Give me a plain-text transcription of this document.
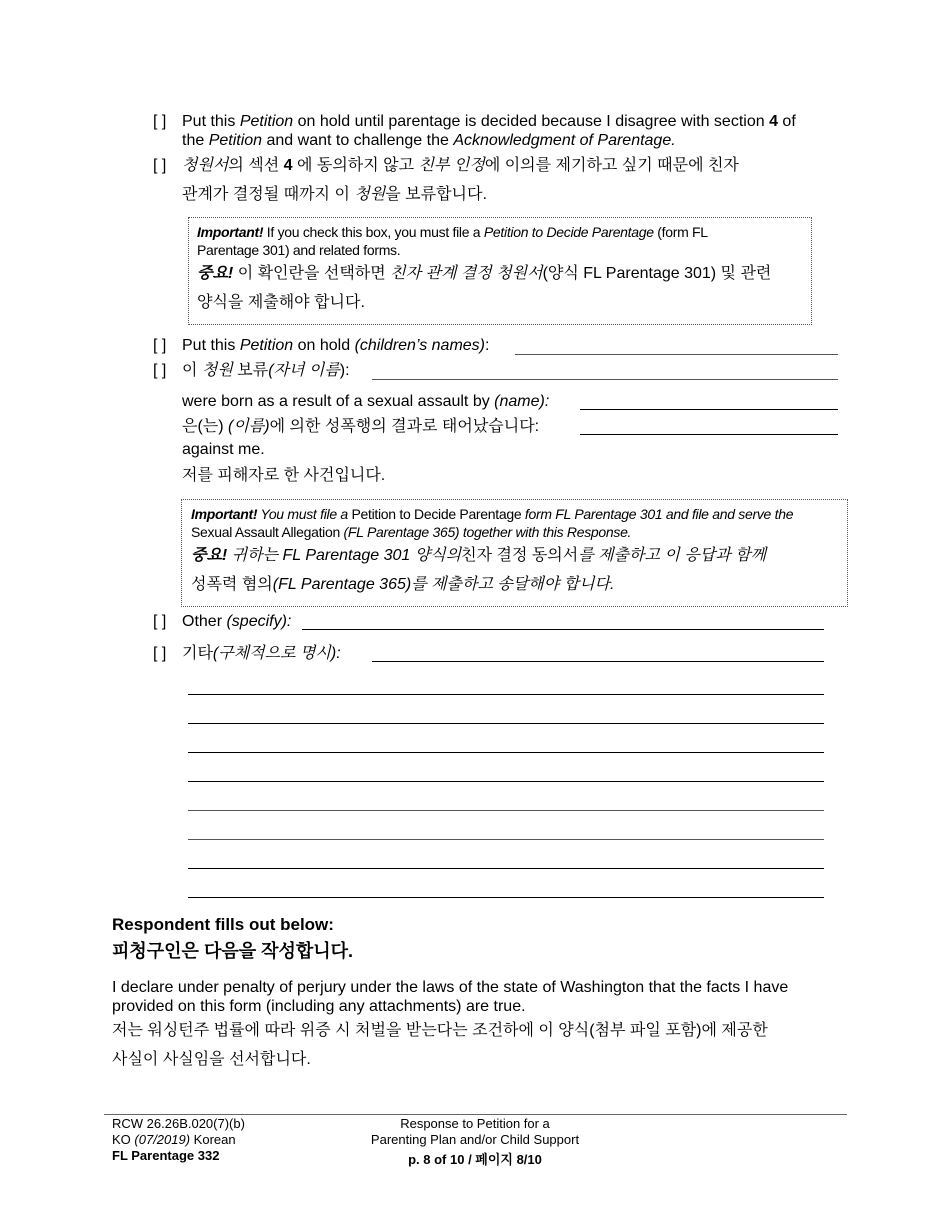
[ ] Put this Petition on hold until parentage is decided because I disagree with section 4 of
the Petition and want to challenge the Acknowledgment of Parentage.
[ ] 청원서의 섹션 4 에 동의하지 않고 친부 인정에 이의를 제기하고 싶기 때문에 친자
관계가 결정될 때까지 이 청원을 보류합니다.
Important! If you check this box, you must file a Petition to Decide Parentage (form FL
Parentage 301) and related forms.
중요! 이 확인란을 선택하면 친자 관계 결정 청원서(양식 FL Parentage 301) 및 관련
양식을 제출해야 합니다.
[ ] Put this Petition on hold (children’s names):
[ ] 이 청원 보류(자녀 이름):
were born as a result of a sexual assault by (name):
은(는) (이름)에 의한 성폭행의 결과로 태어났습니다:
against me.
저를 피해자로 한 사건입니다.
Important! You must file a Petition to Decide Parentage form FL Parentage 301 and file and serve the
Sexual Assault Allegation (FL Parentage 365) together with this Response.
중요! 귀하는 FL Parentage 301 양식의친자 결정 동의서를 제출하고 이 응답과 함께
성폭력 혐의(FL Parentage 365)를 제출하고 송달해야 합니다.
[ ] Other (specify):
[ ] 기타(구체적으로 명시):
Respondent fills out below:
피청구인은 다음을 작성합니다.
I declare under penalty of perjury under the laws of the state of Washington that the facts I have
provided on this form (including any attachments) are true.
저는 워싱턴주 법률에 따라 위증 시 처벌을 받는다는 조건하에 이 양식(첨부 파일 포함)에 제공한
사실이 사실임을 선서합니다.
RCW 26.26B.020(7)(b)
KO (07/2019) Korean
FL Parentage 332
Response to Petition for a
Parenting Plan and/or Child Support
p. 8 of 10 / 페이지 8/10
